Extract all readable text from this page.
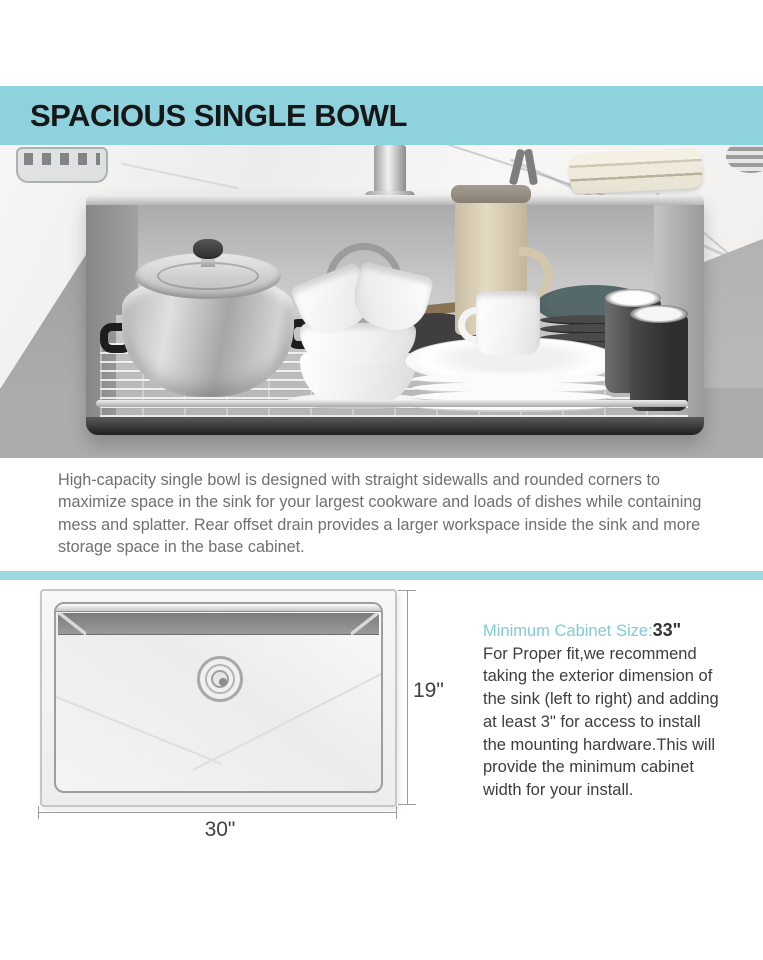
SPACIOUS SINGLE BOWL
High-capacity single bowl is designed with straight sidewalls and rounded corners to
maximize space in the sink for your largest cookware and loads of dishes while containing
mess and splatter. Rear offset drain provides a larger workspace inside the sink and more
storage space in the base cabinet.
19"
30"
Minimum Cabinet Size:33"
For Proper fit,we recommend
taking the exterior dimension of
the sink (left to right) and adding
at least 3" for access to install
the mounting hardware.This will
provide the minimum cabinet
width for your install.
